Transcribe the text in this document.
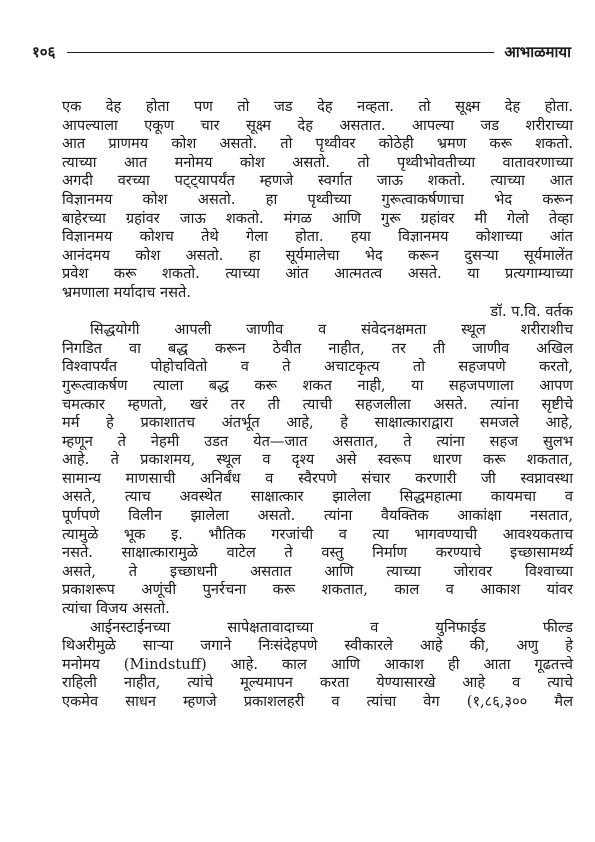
१०६	आभाळमाया
एक देह होता पण तो जड देह नव्हता. तो सूक्ष्म देह होता.
आपल्याला एकूण चार सूक्ष्म देह असतात. आपल्या जड शरीराच्या
आत प्राणमय कोश असतो. तो पृथ्वीवर कोठेही भ्रमण करू शकतो.
त्याच्या आत मनोमय कोश असतो. तो पृथ्वीभोवतीच्या वातावरणाच्या
अगदी वरच्या पट्ट्यापर्यंत म्हणजे स्वर्गात जाऊ शकतो. त्याच्या आत
विज्ञानमय कोश असतो. हा पृथ्वीच्या गुरूत्वाकर्षणाचा भेद करून
बाहेरच्या ग्रहांवर जाऊ शकतो. मंगळ आणि गुरू ग्रहांवर मी गेलो तेव्हा
विज्ञानमय कोशच तेथे गेला होता. हया विज्ञानमय कोशाच्या आंत
आनंदमय कोश असतो. हा सूर्यमालेचा भेद करून दुसऱ्या सूर्यमालेंत
प्रवेश करू शकतो. त्याच्या आंत आत्मतत्व असते. या प्रत्यगाम्याच्या
भ्रमणाला मर्यादाच नसते.
डॉ. प.वि. वर्तक
सिद्धयोगी आपली जाणीव व संवेदनक्षमता स्थूल शरीराशीच
निगडित वा बद्ध करून ठेवीत नाहीत, तर ती जाणीव अखिल
विश्वापर्यंत पोहोचवितो व ते अचाटकृत्य तो सहजपणे करतो,
गुरूत्वाकर्षण त्याला बद्ध करू शकत नाही, या सहजपणाला आपण
चमत्कार म्हणतो, खरं तर ती त्याची सहजलीला असते. त्यांना सृष्टीचे
मर्म हे प्रकाशातच अंतर्भूत आहे, हे साक्षात्काराद्वारा समजले आहे,
म्हणून ते नेहमी उडत येत—जात असतात, ते त्यांना सहज सुलभ
आहे. ते प्रकाशमय, स्थूल व दृश्य असे स्वरूप धारण करू शकतात,
सामान्य माणसाची अनिर्बंध व स्वैरपणे संचार करणारी जी स्वप्नावस्था
असते, त्याच अवस्थेत साक्षात्कार झालेला सिद्धमहात्मा कायमचा व
पूर्णपणे विलीन झालेला असतो. त्यांना वैयक्तिक आकांक्षा नसतात,
त्यामुळे भूक इ. भौतिक गरजांची व त्या भागवण्याची आवश्यकताच
नसते. साक्षात्कारामुळे वाटेल ते वस्तु निर्माण करण्याचे इच्छासामर्थ्य
असते, ते इच्छाधनी असतात आणि त्याच्या जोरावर विश्वाच्या
प्रकाशरूप अणूंची पुनर्रचना करू शकतात, काल व आकाश यांवर
त्यांचा विजय असतो.
आईनस्टाईनच्या सापेक्षतावादाच्या व युनिफाईड फील्ड
थिअरीमुळे साऱ्या जगाने निःसंदेहपणे स्वीकारले आहे की, अणु हे
मनोमय (Mindstuff) आहे. काल आणि आकाश ही आता गूढतत्त्वे
राहिली नाहीत, त्यांचे मूल्यमापन करता येण्यासारखे आहे व त्याचे
एकमेव साधन म्हणजे प्रकाशलहरी व त्यांचा वेग (१,८६,३०० मैल
